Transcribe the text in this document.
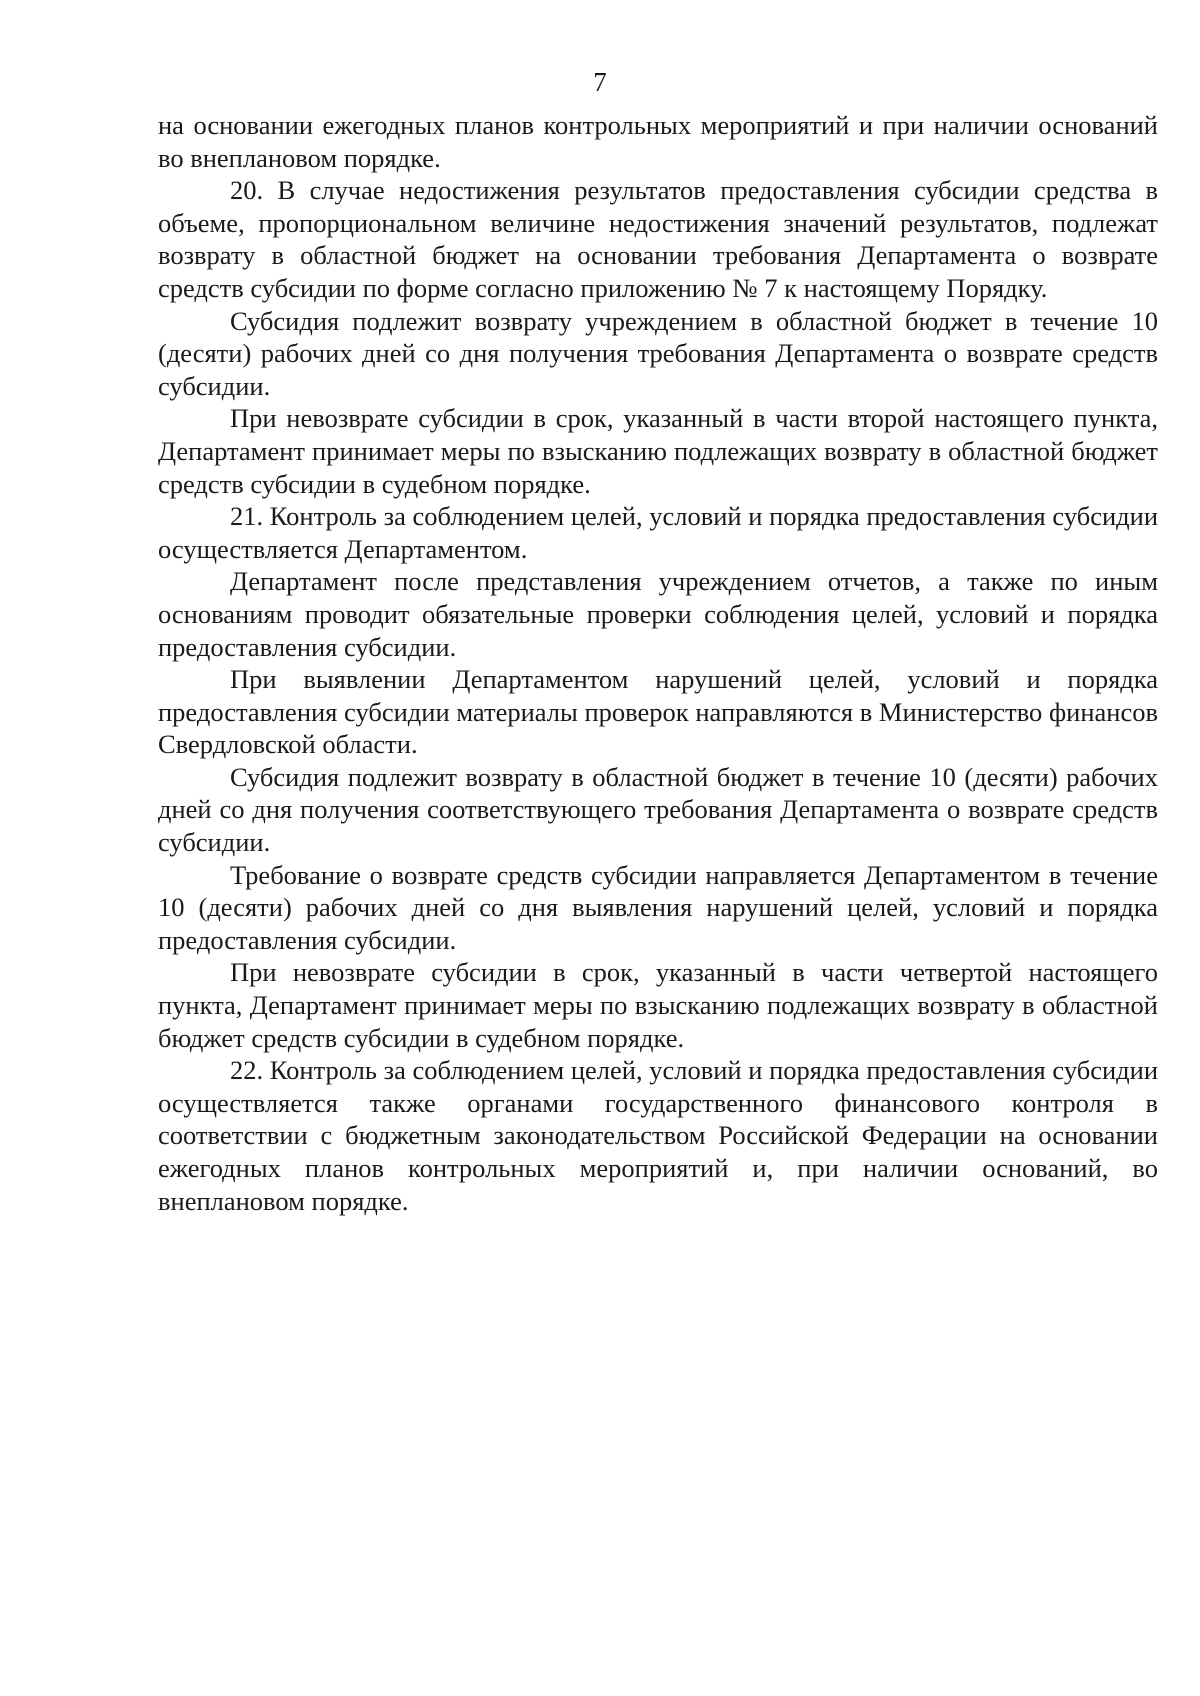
7

на основании ежегодных планов контрольных мероприятий и при наличии оснований во внеплановом порядке.

20. В случае недостижения результатов предоставления субсидии средства в объеме, пропорциональном величине недостижения значений результатов, подлежат возврату в областной бюджет на основании требования Департамента о возврате средств субсидии по форме согласно приложению № 7 к настоящему Порядку.

Субсидия подлежит возврату учреждением в областной бюджет в течение 10 (десяти) рабочих дней со дня получения требования Департамента о возврате средств субсидии.

При невозврате субсидии в срок, указанный в части второй настоящего пункта, Департамент принимает меры по взысканию подлежащих возврату в областной бюджет средств субсидии в судебном порядке.

21. Контроль за соблюдением целей, условий и порядка предоставления субсидии осуществляется Департаментом.

Департамент после представления учреждением отчетов, а также по иным основаниям проводит обязательные проверки соблюдения целей, условий и порядка предоставления субсидии.

При выявлении Департаментом нарушений целей, условий и порядка предоставления субсидии материалы проверок направляются в Министерство финансов Свердловской области.

Субсидия подлежит возврату в областной бюджет в течение 10 (десяти) рабочих дней со дня получения соответствующего требования Департамента о возврате средств субсидии.

Требование о возврате средств субсидии направляется Департаментом в течение 10 (десяти) рабочих дней со дня выявления нарушений целей, условий и порядка предоставления субсидии.

При невозврате субсидии в срок, указанный в части четвертой настоящего пункта, Департамент принимает меры по взысканию подлежащих возврату в областной бюджет средств субсидии в судебном порядке.

22. Контроль за соблюдением целей, условий и порядка предоставления субсидии осуществляется также органами государственного финансового контроля в соответствии с бюджетным законодательством Российской Федерации на основании ежегодных планов контрольных мероприятий и, при наличии оснований, во внеплановом порядке.
